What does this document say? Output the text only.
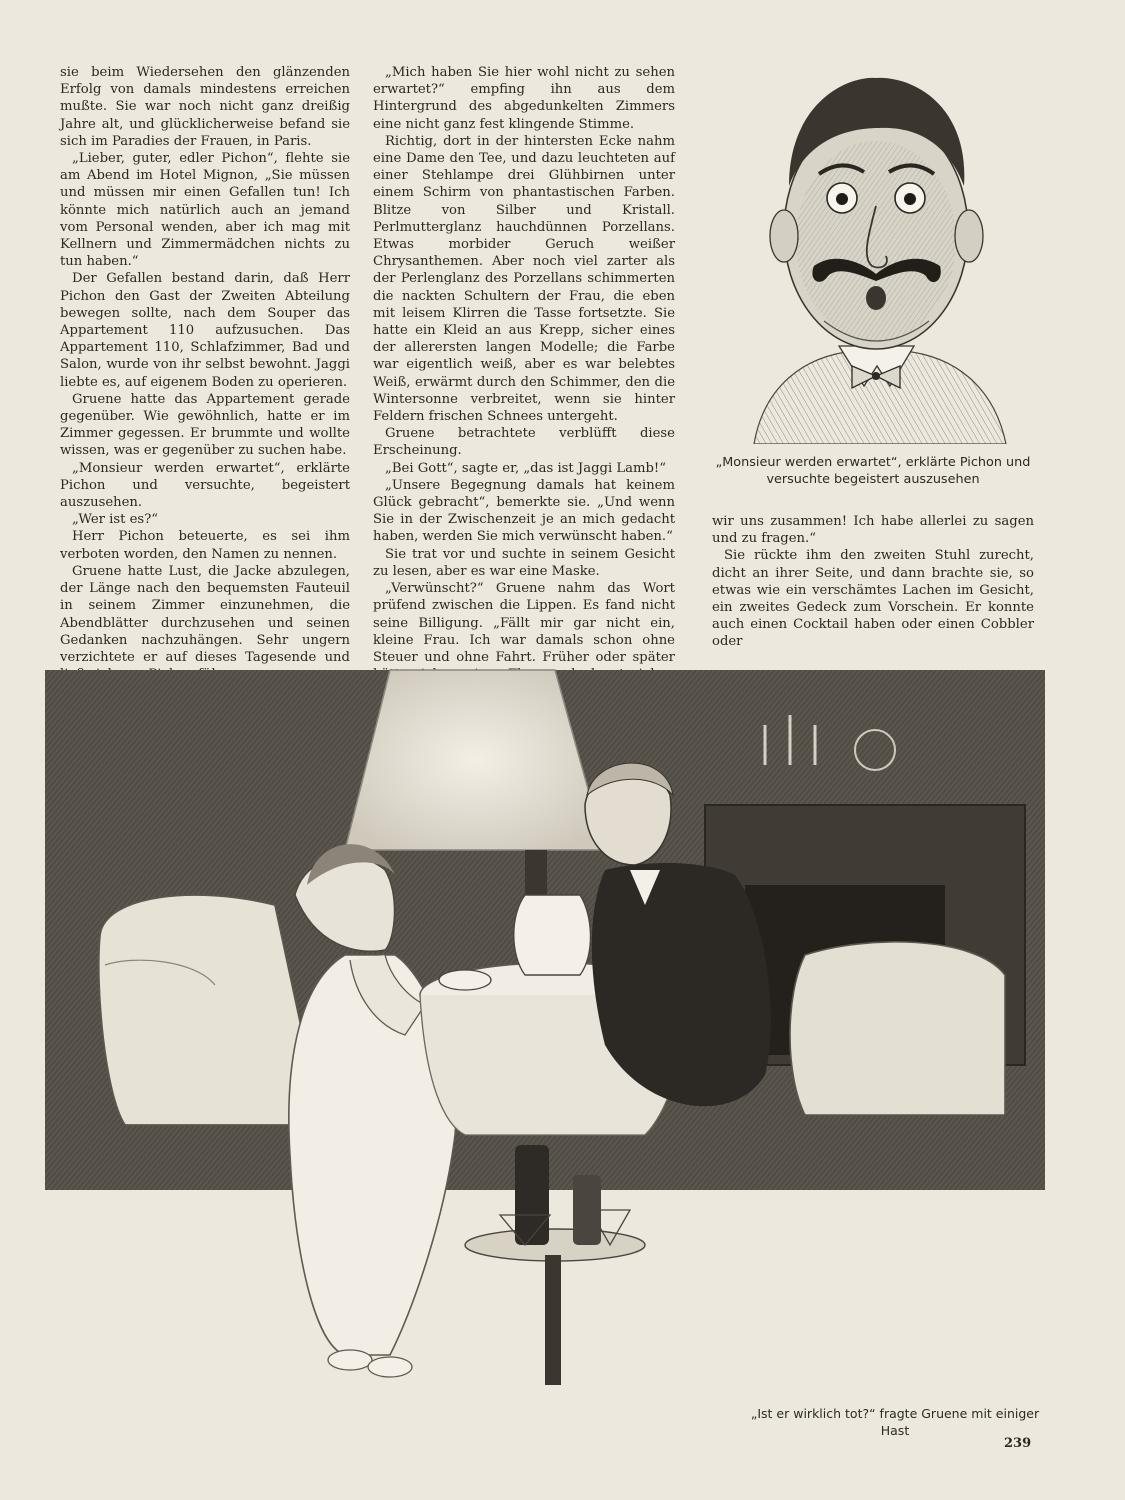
sie beim Wiedersehen den glänzenden Erfolg von damals mindestens erreichen mußte. Sie war noch nicht ganz dreißig Jahre alt, und glücklicherweise befand sie sich im Paradies der Frauen, in Paris.

„Lieber, guter, edler Pichon“, flehte sie am Abend im Hotel Mignon, „Sie müssen und müssen mir einen Gefallen tun! Ich könnte mich natürlich auch an jemand vom Personal wenden, aber ich mag mit Kellnern und Zimmermädchen nichts zu tun haben.“

Der Gefallen bestand darin, daß Herr Pichon den Gast der Zweiten Abteilung bewegen sollte, nach dem Souper das Appartement 110 aufzusuchen. Das Appartement 110, Schlafzimmer, Bad und Salon, wurde von ihr selbst bewohnt. Jaggi liebte es, auf eigenem Boden zu operieren.

Gruene hatte das Appartement gerade gegenüber. Wie gewöhnlich, hatte er im Zimmer gegessen. Er brummte und wollte wissen, was er gegenüber zu suchen habe.

„Monsieur werden erwartet“, erklärte Pichon und versuchte, begeistert auszusehen.

„Wer ist es?“

Herr Pichon beteuerte, es sei ihm verboten worden, den Namen zu nennen.

Gruene hatte Lust, die Jacke abzulegen, der Länge nach den bequemsten Fauteuil in seinem Zimmer einzunehmen, die Abendblätter durchzusehen und seinen Gedanken nachzuhängen. Sehr ungern verzichtete er auf dieses Tagesende und

„Mich haben Sie hier wohl nicht zu sehen erwartet?“ empfing ihn aus dem Hintergrund des abgedunkelten Zimmers eine nicht ganz fest klingende Stimme.

Richtig, dort in der hintersten Ecke nahm eine Dame den Tee, und dazu leuchteten auf einer Stehlampe drei Glühbirnen unter einem Schirm von phantastischen Farben. Blitze von Silber und Kristall. Perlmutterglanz hauchdünnen Porzellans. Etwas morbider Geruch weißer Chrysanthemen. Aber noch viel zarter als der Perlenglanz des Porzellans schimmerten die nackten Schultern der Frau, die eben mit leisem Klirren die Tasse fortsetzte. Sie hatte ein Kleid an aus Krepp, sicher eines der allerersten langen Modelle; die Farbe war eigentlich weiß, aber es war belebtes Weiß, erwärmt durch den Schimmer, den die Wintersonne verbreitet, wenn sie hinter Feldern frischen Schnees untergeht.

Gruene betrachtete verblüfft diese Erscheinung.

„Bei Gott“, sagte er, „das ist Jaggi Lamb!“

„Unsere Begegnung damals hat keinem Glück gebracht“, bemerkte sie. „Und wenn Sie in der Zwischenzeit je an mich gedacht haben, werden Sie mich verwünscht haben.“

Sie trat vor und suchte in seinem Gesicht zu lesen, aber es war eine Maske.

„Verwünscht?“ Gruene nahm das Wort prüfend zwischen die Lippen. Es fand nicht seine Billigung. „Fällt mir gar nicht ein, kleine Frau. Ich war damals schon ohne Steuer und ohne Fahrt. Früher oder später

„Monsieur werden erwartet“, erklärte Pichon und versuchte begeistert auszusehen

wir uns zusammen! Ich habe allerlei zu sagen und zu fragen.“

Sie rückte ihm den zweiten Stuhl zurecht, dicht an ihrer Seite, und dann brachte sie, so etwas wie ein verschämtes Lachen im Gesicht, ein zweites Gedeck zum Vorschein. Er konnte auch einen Cocktail haben oder einen Cobbler oder

„Ist er wirklich tot?“ fragte Gruene mit einiger Hast
239
